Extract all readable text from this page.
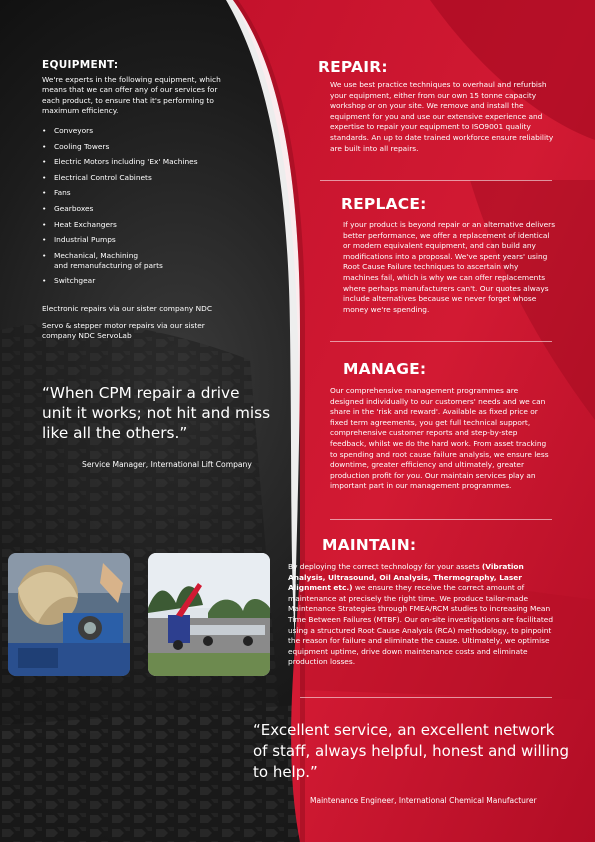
EQUIPMENT:
We're experts in the following equipment, which means that we can offer any of our services for each product, to ensure that it's performing to maximum efficiency.
• Conveyors
• Cooling Towers
• Electric Motors including 'Ex' Machines
• Electrical Control Cabinets
• Fans
• Gearboxes
• Heat Exchangers
• Industrial Pumps
• Mechanical, Machining
and remanufacturing of parts
• Switchgear
Electronic repairs via our sister company NDC
Servo & stepper motor repairs via our sister company NDC ServoLab
“When CPM repair a drive unit it works; not hit and miss like all the others.”
Service Manager, International Lift Company
REPAIR:
We use best practice techniques to overhaul and refurbish your equipment, either from our own 15 tonne capacity workshop or on your site. We remove and install the equipment for you and use our extensive experience and expertise to repair your equipment to ISO9001 quality standards. An up to date trained workforce ensure reliability are built into all repairs.
REPLACE:
If your product is beyond repair or an alternative delivers better performance, we offer a replacement of identical or modern equivalent equipment, and can build any modifications into a proposal. We've spent years' using Root Cause Failure techniques to ascertain why machines fail, which is why we can offer replacements where perhaps manufacturers can't. Our quotes always include alternatives because we never forget whose money we're spending.
MANAGE:
Our comprehensive management programmes are designed individually to our customers' needs and we can share in the 'risk and reward'. Available as fixed price or fixed term agreements, you get full technical support, comprehensive customer reports and step-by-step feedback, whilst we do the hard work. From asset tracking to spending and root cause failure analysis, we ensure less downtime, greater efficiency and ultimately, greater production profit for you. Our maintain services play an important part in our management programmes.
MAINTAIN:
By deploying the correct technology for your assets (Vibration Analysis, Ultrasound, Oil Analysis, Thermography, Laser Alignment etc.) we ensure they receive the correct amount of maintenance at precisely the right time. We produce tailor-made Maintenance Strategies through FMEA/RCM studies to increasing Mean Time Between Failures (MTBF). Our on-site investigations are facilitated using a structured Root Cause Analysis (RCA) methodology, to pinpoint the reason for failure and eliminate the cause. Ultimately, we optimise equipment uptime, drive down maintenance costs and eliminate production losses.
“Excellent service, an excellent network of staff, always helpful, honest and willing to help.”
Maintenance Engineer, International Chemical Manufacturer
